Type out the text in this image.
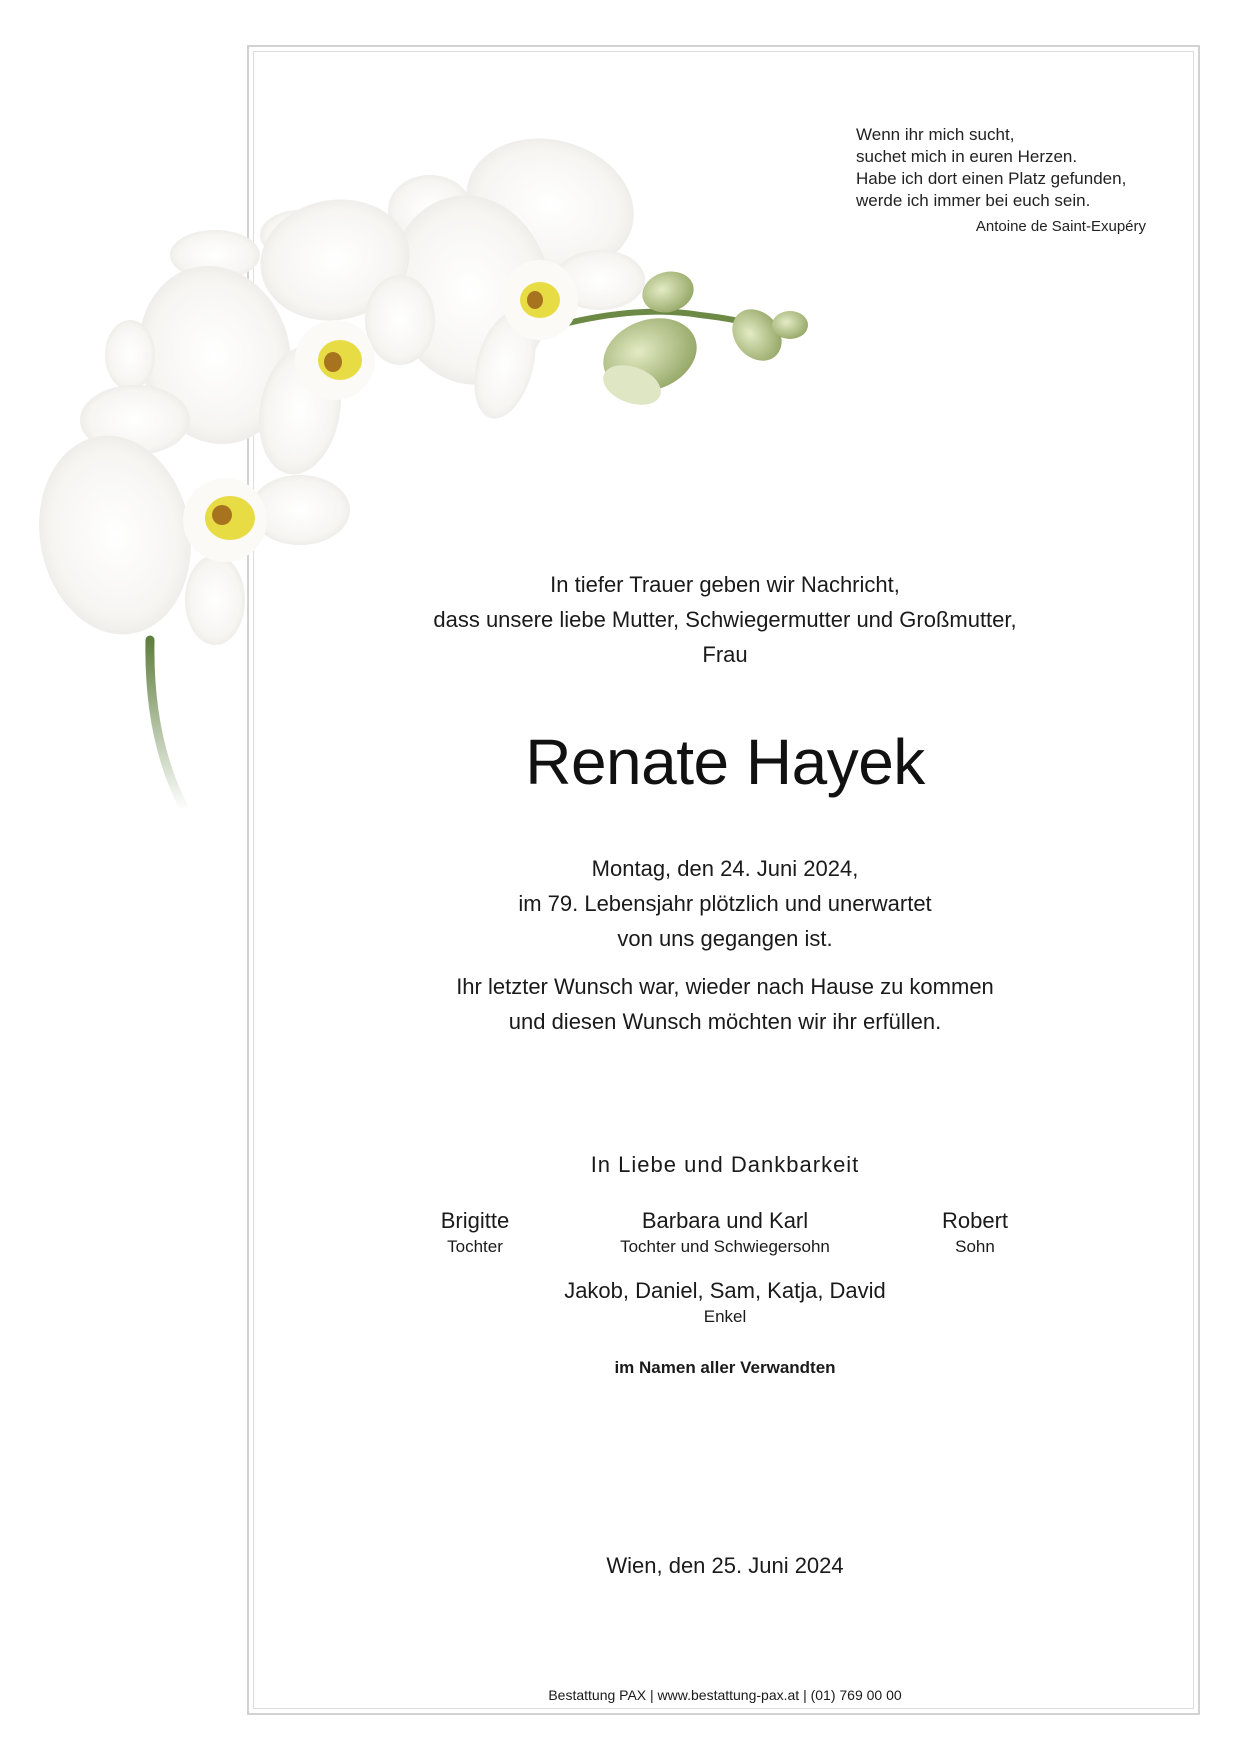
Wenn ihr mich sucht,
suchet mich in euren Herzen.
Habe ich dort einen Platz gefunden,
werde ich immer bei euch sein.
Antoine de Saint-Exupéry
In tiefer Trauer geben wir Nachricht,
dass unsere liebe Mutter, Schwiegermutter und Großmutter,
Frau
Renate Hayek
Montag, den 24. Juni 2024,
im 79. Lebensjahr plötzlich und unerwartet
von uns gegangen ist.
Ihr letzter Wunsch war, wieder nach Hause zu kommen
und diesen Wunsch möchten wir ihr erfüllen.
In Liebe und Dankbarkeit
Brigitte
Tochter
Barbara und Karl
Tochter und Schwiegersohn
Robert
Sohn
Jakob, Daniel, Sam, Katja, David
Enkel
im Namen aller Verwandten
Wien, den 25. Juni 2024
Bestattung PAX | www.bestattung-pax.at | (01) 769 00 00
